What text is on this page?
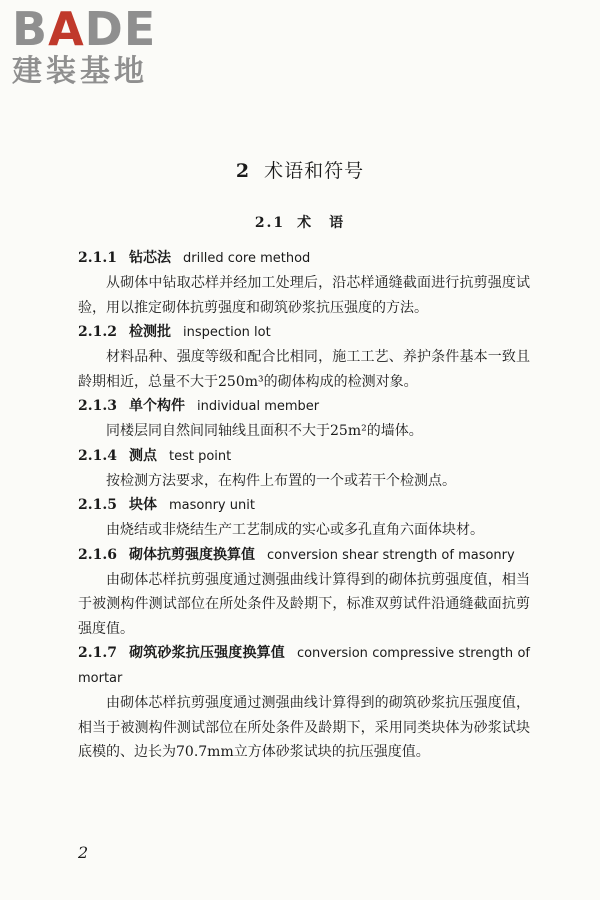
BADE
建装基地
2 术语和符号
2.1 术　语
2.1.1 钻芯法 drilled core method

从砌体中钻取芯样并经加工处理后，沿芯样通缝截面进行抗剪强度试验，用以推定砌体抗剪强度和砌筑砂浆抗压强度的方法。

2.1.2 检测批 inspection lot

材料品种、强度等级和配合比相同，施工工艺、养护条件基本一致且龄期相近，总量不大于250m³的砌体构成的检测对象。

2.1.3 单个构件 individual member

同楼层同自然间同轴线且面积不大于25m²的墙体。

2.1.4 测点 test point

按检测方法要求，在构件上布置的一个或若干个检测点。

2.1.5 块体 masonry unit

由烧结或非烧结生产工艺制成的实心或多孔直角六面体块材。

2.1.6 砌体抗剪强度换算值 conversion shear strength of masonry

由砌体芯样抗剪强度通过测强曲线计算得到的砌体抗剪强度值，相当于被测构件测试部位在所处条件及龄期下，标准双剪试件沿通缝截面抗剪强度值。

2.1.7 砌筑砂浆抗压强度换算值 conversion compressive strength of mortar

由砌体芯样抗剪强度通过测强曲线计算得到的砌筑砂浆抗压强度值，相当于被测构件测试部位在所处条件及龄期下，采用同类块体为砂浆试块底模的、边长为70.7mm立方体砂浆试块的抗压强度值。

2
